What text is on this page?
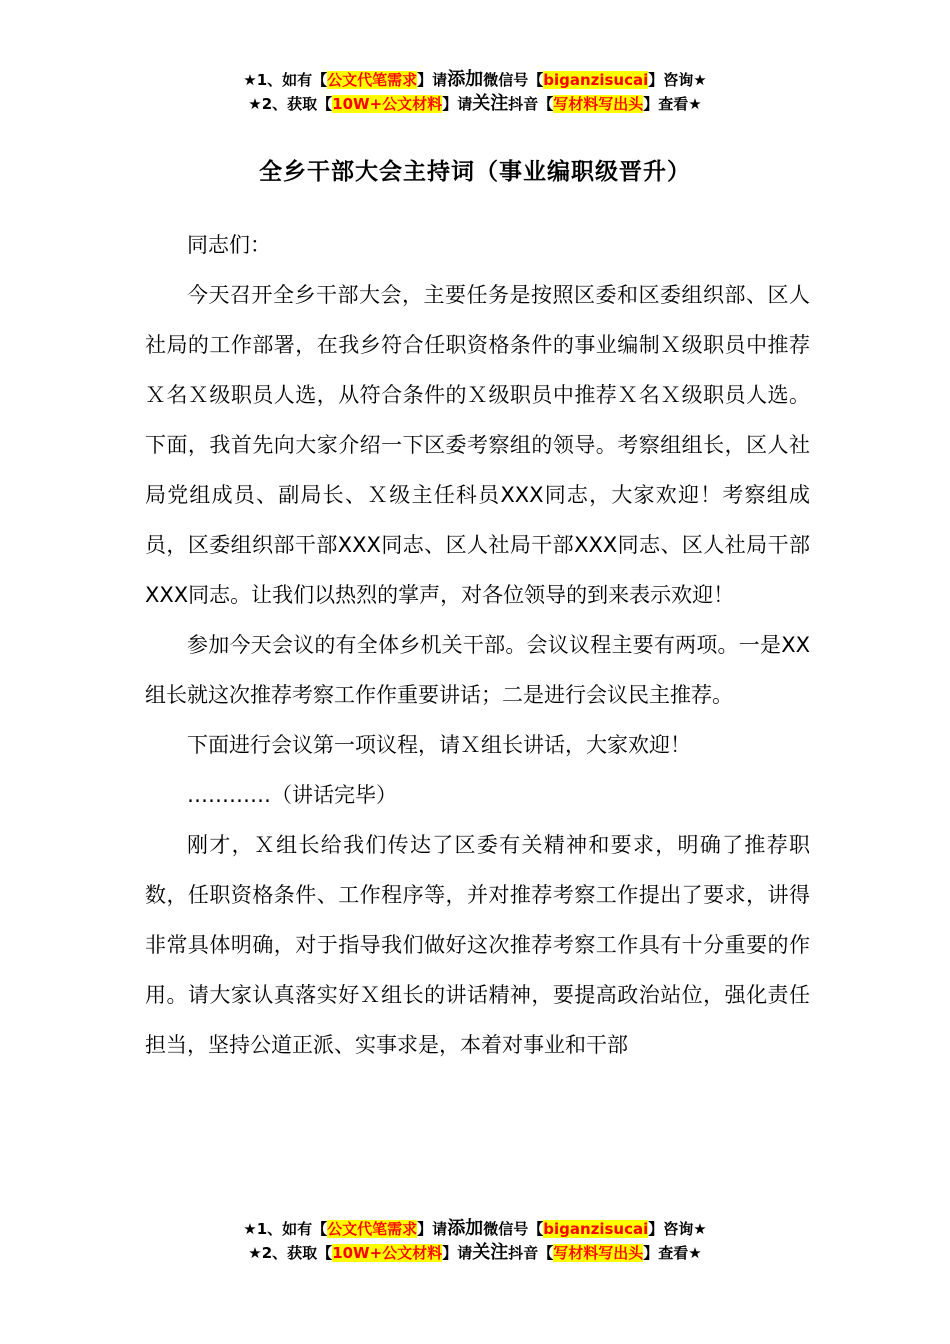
★1、如有【公文代笔需求】请添加微信号【biganzisucai】咨询★
★2、获取【10W+公文材料】请关注抖音【写材料写出头】查看★
全乡干部大会主持词（事业编职级晋升）

同志们：

今天召开全乡干部大会，主要任务是按照区委和区委组织部、区人社局的工作部署，在我乡符合任职资格条件的事业编制Ｘ级职员中推荐Ｘ名Ｘ级职员人选，从符合条件的Ｘ级职员中推荐Ｘ名Ｘ级职员人选。下面，我首先向大家介绍一下区委考察组的领导。考察组组长，区人社局党组成员、副局长、Ｘ级主任科员XXX同志，大家欢迎！考察组成员，区委组织部干部XXX同志、区人社局干部XXX同志、区人社局干部XXX同志。让我们以热烈的掌声，对各位领导的到来表示欢迎！

参加今天会议的有全体乡机关干部。会议议程主要有两项。一是XX组长就这次推荐考察工作作重要讲话；二是进行会议民主推荐。

下面进行会议第一项议程，请Ｘ组长讲话，大家欢迎！

…………（讲话完毕）

刚才，Ｘ组长给我们传达了区委有关精神和要求，明确了推荐职数，任职资格条件、工作程序等，并对推荐考察工作提出了要求，讲得非常具体明确，对于指导我们做好这次推荐考察工作具有十分重要的作用。请大家认真落实好Ｘ组长的讲话精神，要提高政治站位，强化责任担当，坚持公道正派、实事求是，本着对事业和干部

★1、如有【公文代笔需求】请添加微信号【biganzisucai】咨询★
★2、获取【10W+公文材料】请关注抖音【写材料写出头】查看★
